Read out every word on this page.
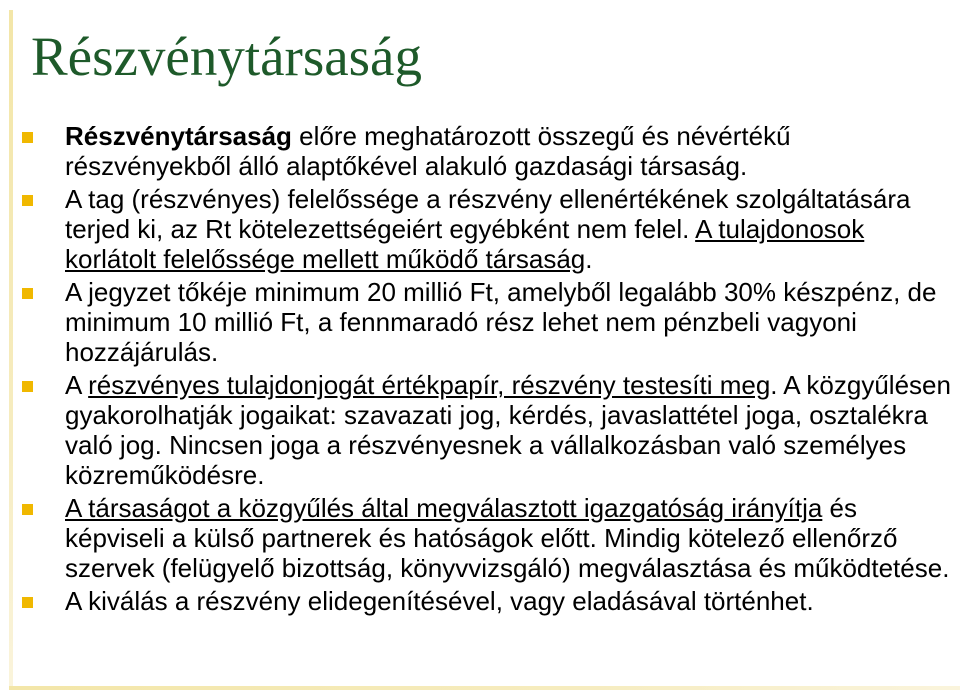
Részvénytársaság
Részvénytársaság előre meghatározott összegű és névértékű részvényekből álló alaptőkével alakuló gazdasági társaság.
A tag (részvényes) felelőssége a részvény ellenértékének szolgáltatására terjed ki, az Rt kötelezettségeiért egyébként nem felel. A tulajdonosok korlátolt felelőssége mellett működő társaság.
A jegyzet tőkéje minimum 20 millió Ft, amelyből legalább 30% készpénz, de minimum 10 millió Ft, a fennmaradó rész lehet nem pénzbeli vagyoni hozzájárulás.
A részvényes tulajdonjogát értékpapír, részvény testesíti meg. A közgyűlésen gyakorolhatják jogaikat: szavazati jog, kérdés, javaslattétel joga, osztalékra való jog. Nincsen joga a részvényesnek a vállalkozásban való személyes közreműködésre.
A társaságot a közgyűlés által megválasztott igazgatóság irányítja és képviseli a külső partnerek és hatóságok előtt. Mindig kötelező ellenőrző szervek (felügyelő bizottság, könyvvizsgáló) megválasztása és működtetése.
A kiválás a részvény elidegenítésével, vagy eladásával történhet.
